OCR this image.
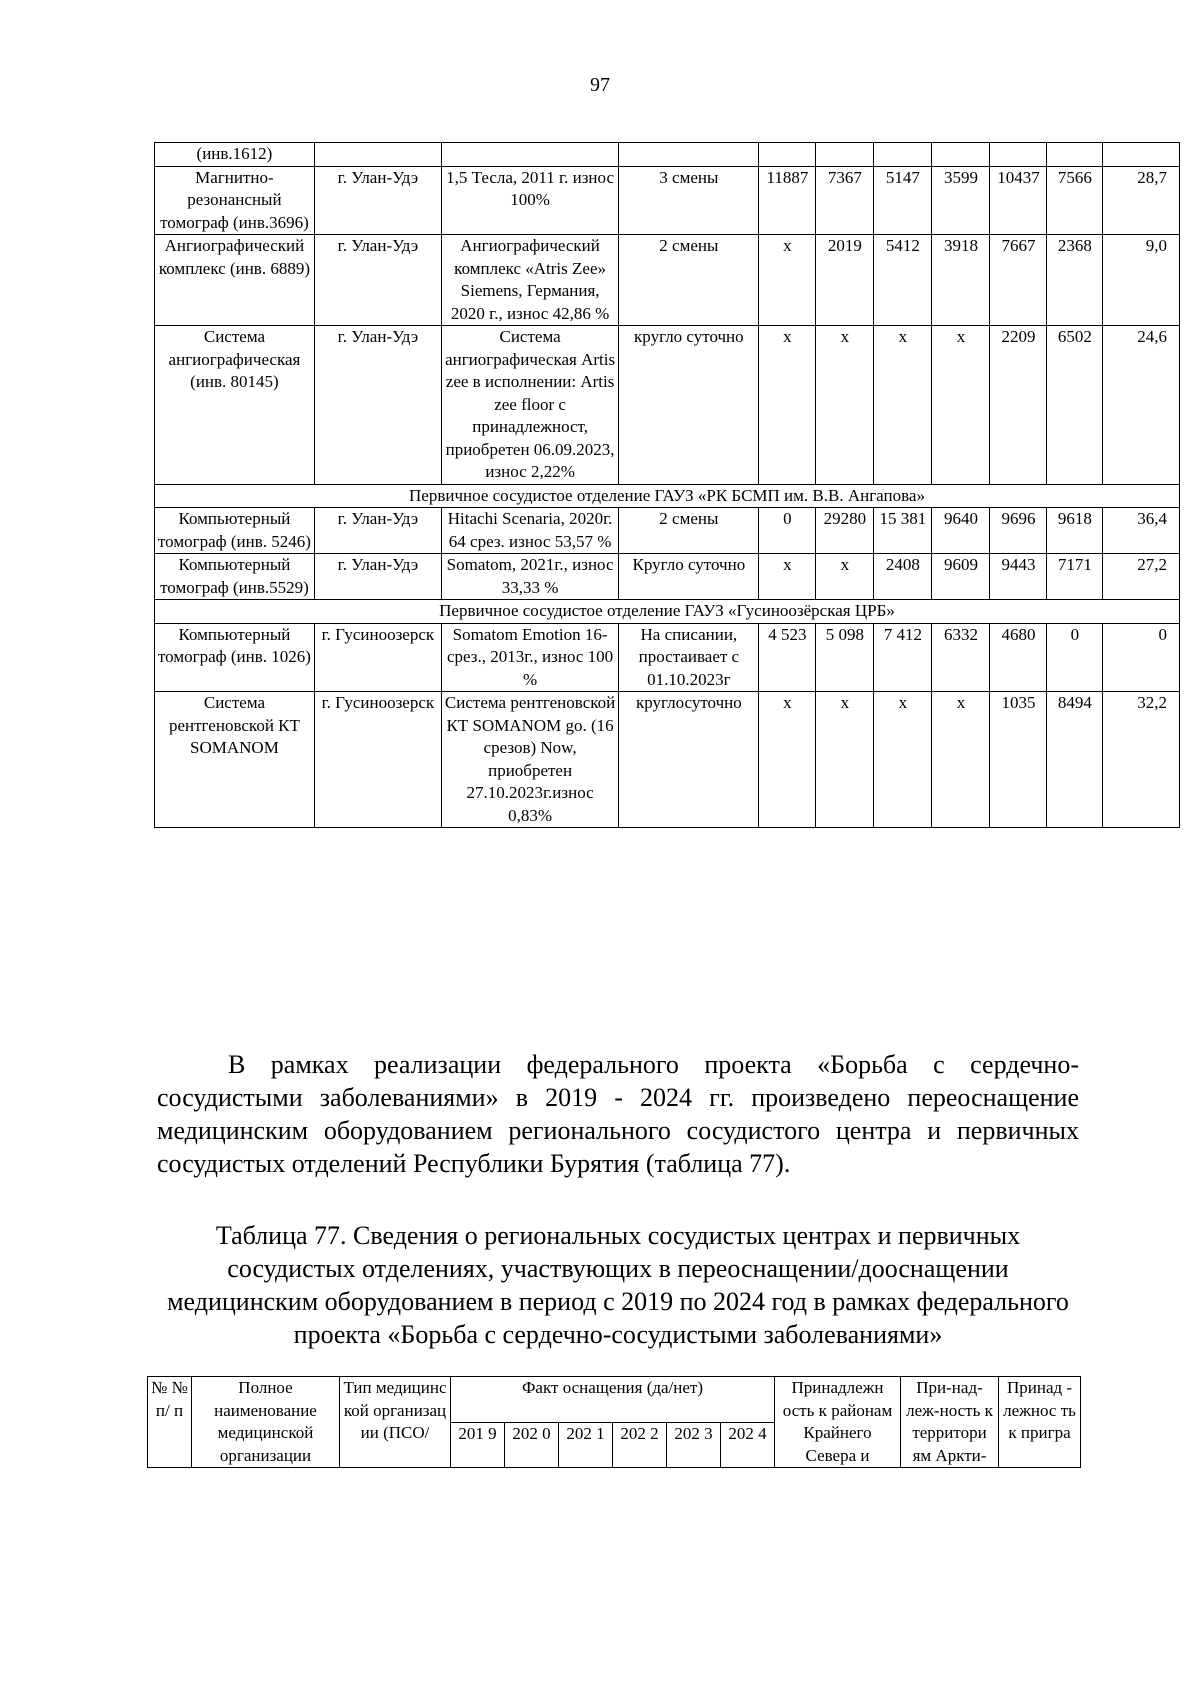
97
(инв.1612)										
Магнитно-резонансный томограф (инв.3696)	г. Улан-Удэ	1,5 Тесла, 2011 г. износ 100%	3 смены	11887	7367	5147	3599	10437	7566	28,7
Ангиографический комплекс (инв. 6889)	г. Улан-Удэ	Ангиографический комплекс «Atris Zee» Siemens, Германия, 2020 г., износ 42,86 %	2 смены	x	2019	5412	3918	7667	2368	9,0
Система ангиографическая (инв. 80145)	г. Улан-Удэ	Система ангиографическая Artis zee в исполнении: Artis zee floor с принадлежност, приобретен 06.09.2023, износ 2,22%	кругло суточно	x	x	x	x	2209	6502	24,6
Первичное сосудистое отделение ГАУЗ «РК БСМП им. В.В. Ангапова»										
Компьютерный томограф (инв. 5246)	г. Улан-Удэ	Hitachi Scenaria, 2020г. 64 срез. износ 53,57 %	2 смены	0	29280	15 381	9640	9696	9618	36,4
Компьютерный томограф (инв.5529)	г. Улан-Удэ	Somatom, 2021г., износ 33,33 %	Кругло суточно	x	x	2408	9609	9443	7171	27,2
Первичное сосудистое отделение ГАУЗ «Гусиноозёрская ЦРБ»										
Компьютерный томограф (инв. 1026)	г. Гусиноозерск	Somatom Emotion 16-срез., 2013г., износ 100 %	На списании, простаивает с 01.10.2023г	4 523	5 098	7 412	6332	4680	0	0
Система рентгеновской КТ SOMANOM	г. Гусиноозерск	Система рентгеновской КТ SOMANOM go. (16 срезов) Now, приобретен 27.10.2023г.износ 0,83%	круглосуточно	x	x	x	x	1035	8494	32,2

В рамках реализации федерального проекта «Борьба с сердечно-сосудистыми заболеваниями» в 2019 - 2024 гг. произведено переоснащение медицинским оборудованием регионального сосудистого центра и первичных сосудистых отделений Республики Бурятия (таблица 77).

Таблица 77. Сведения о региональных сосудистых центрах и первичных сосудистых отделениях, участвующих в переоснащении/дооснащении медицинским оборудованием в период с 2019 по 2024 год в рамках федерального проекта «Борьба с сердечно-сосудистыми заболеваниями»

№ № п/ п	Полное наименование медицинской организации	Тип медицинс кой организац ии (ПСО/	Факт оснащения (да/нет)						Принадлежн ость к районам Крайнего Севера и	При-над-леж-ность к территори ям Аркти-	Принад - лежнос ть к пригра
			201 9	202 0	202 1	202 2	202 3	202 4			
